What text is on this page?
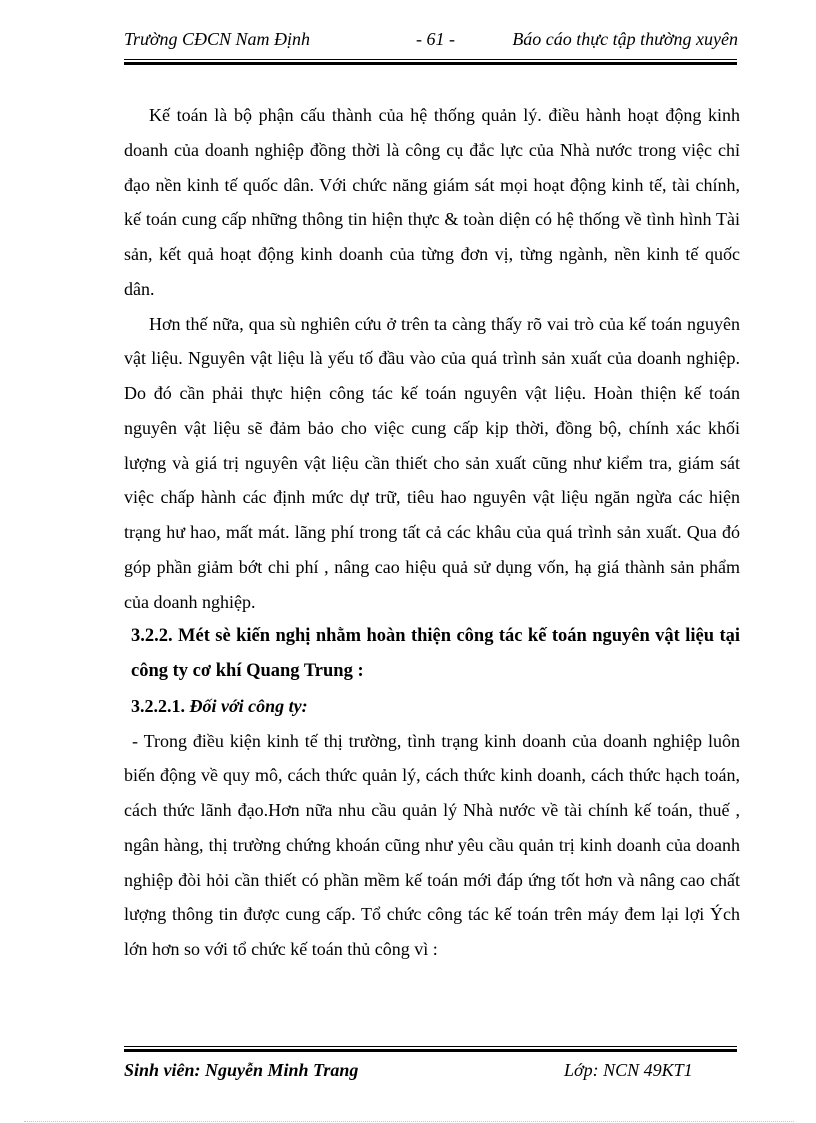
Trường CĐCN Nam Định	- 61 -	Báo cáo thực tập thường xuyên

Kế toán là bộ phận cấu thành của hệ thống quản lý. điều hành hoạt động kinh doanh của doanh nghiệp đồng thời là công cụ đắc lực của Nhà nước trong việc chỉ đạo nền kinh tế quốc dân. Với chức năng giám sát mọi hoạt động kinh tế, tài chính, kế toán cung cấp những thông tin hiện thực & toàn diện có hệ thống về tình hình Tài sản, kết quả hoạt động kinh doanh của từng đơn vị, từng ngành, nền kinh tế quốc dân.

Hơn thế nữa, qua sù nghiên cứu ở trên ta càng thấy rõ vai trò của kế toán nguyên vật liệu. Nguyên vật liệu là yếu tố đầu vào của quá trình sản xuất của doanh nghiệp. Do đó cần phải thực hiện công tác kế toán nguyên vật liệu. Hoàn thiện kế toán nguyên vật liệu sẽ đảm bảo cho việc cung cấp kịp thời, đồng bộ, chính xác khối lượng và giá trị nguyên vật liệu cần thiết cho sản xuất cũng như kiểm tra, giám sát việc chấp hành các định mức dự trữ, tiêu hao nguyên vật liệu ngăn ngừa các hiện trạng hư hao, mất mát. lãng phí trong tất cả các khâu của quá trình sản xuất. Qua đó góp phần giảm bớt chi phí , nâng cao hiệu quả sử dụng vốn, hạ giá thành sản phẩm của doanh nghiệp.

3.2.2. Mét sè kiến nghị nhằm hoàn thiện công tác kế toán nguyên vật liệu tại công ty cơ khí Quang Trung :

3.2.2.1. Đối với công ty:

- Trong điều kiện kinh tế thị trường, tình trạng kinh doanh của doanh nghiệp luôn biến động về quy mô, cách thức quản lý, cách thức kinh doanh, cách thức hạch toán, cách thức lãnh đạo.Hơn nữa nhu cầu quản lý Nhà nước về tài chính kế toán, thuế , ngân hàng, thị trường chứng khoán cũng như yêu cầu quản trị kinh doanh của doanh nghiệp đòi hỏi cần thiết có phần mềm kế toán mới đáp ứng tốt hơn và nâng cao chất lượng thông tin được cung cấp. Tổ chức công tác kế toán trên máy đem lại lợi Ých lớn hơn so với tổ chức kế toán thủ công vì :

Sinh viên: Nguyễn Minh Trang	Lớp: NCN 49KT1
